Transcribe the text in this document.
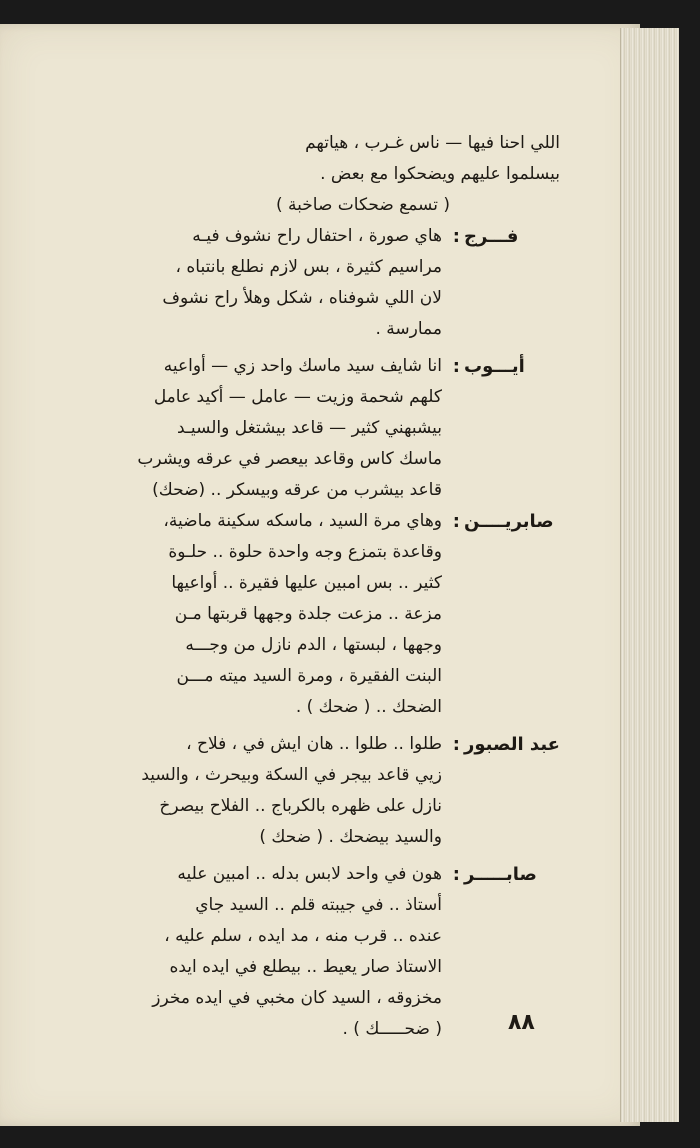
اللي احنا فيها — ناس غـرب ، هياتهم
بيسلموا عليهم ويضحكوا مع بعض .
( تسمع ضحكات صاخبة )
فـــرج
:
هاي صورة ، احتفال راح نشوف فيـه
مراسيم كثيرة ، بس لازم نطلع بانتباه ،
لان اللي شوفناه ، شكل وهلأ راح نشوف
ممارسة .
أيـــوب
:
انا شايف سيد ماسك واحد زي — أواعيه
كلهم شحمة وزيت — عامل — أكيد عامل
بيشبهني كثير — قاعد بيشتغل والسيـد
ماسك كاس وقاعد بيعصر في عرقه ويشرب
قاعد بيشرب من عرقه وبيسكر .. (ضحك)
صابريــــن
:
وهاي مرة السيد ، ماسكه سكينة ماضية،
وقاعدة بتمزع وجه واحدة حلوة .. حلـوة
كثير .. بس امبين عليها فقيرة .. أواعيها
مزعة .. مزعت جلدة وجهها قربتها مـن
وجهها ، لبستها ، الدم نازل من وجـــه
البنت الفقيرة ، ومرة السيد ميته مـــن
الضحك .. ( ضحك ) .
عبد الصبور
:
طلوا .. طلوا .. هان ايش في ، فلاح ،
زيي قاعد بيجر في السكة وبيحرث ، والسيد
نازل على ظهره بالكرباج .. الفلاح بيصرخ
والسيد بيضحك . ( ضحك )
صابـــــر
:
هون في واحد لابس بدله .. امبين عليه
أستاذ .. في جيبته قلم .. السيد جاي
عنده .. قرب منه ، مد ايده ، سلم عليه ،
الاستاذ صار يعيط .. بيطلع في ايده ايده
مخزوقه ، السيد كان مخبي في ايده مخرز
( ضحـــــك ) .	٨٨
